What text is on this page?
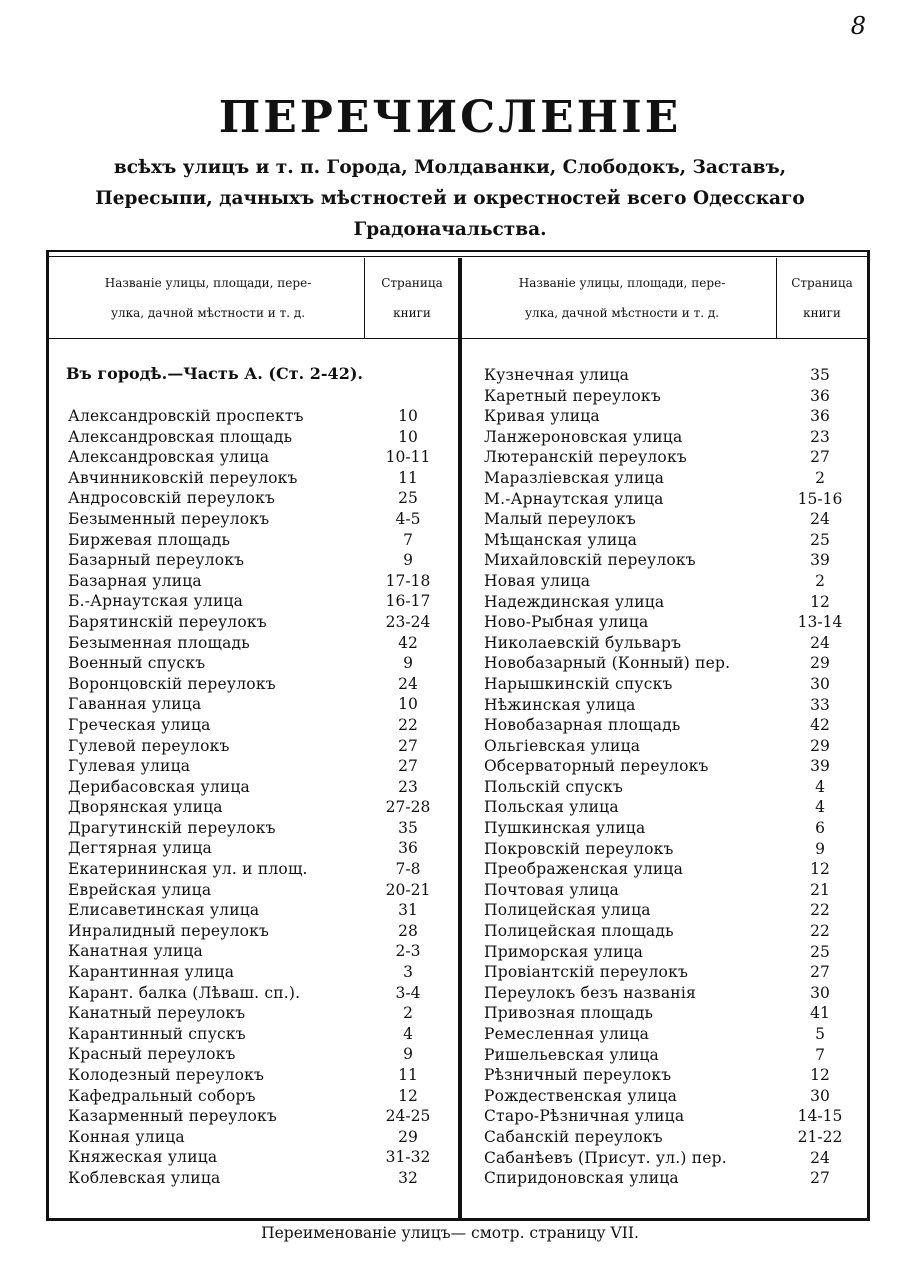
8
ПЕРЕЧИСЛЕНІЕ
всѣхъ улицъ и т. п. Города, Молдаванки, Слободокъ, Заставъ,
Пересыпи, дачныхъ мѣстностей и окрестностей всего Одесскаго
Градоначальства.
Названіе улицы, площади, пере-
улка, дачной мѣстности и т. д.
Страница
книги
Названіе улицы, площади, пере-
улка, дачной мѣстности и т. д.
Страница
книги
Въ городѣ.—Часть А. (Ст. 2-42).
Александровскій проспектъ	10
Александровская площадь	10
Александровская улица	10-11
Авчинниковскій переулокъ	11
Андросовскій переулокъ	25
Безыменный переулокъ	4-5
Биржевая площадь	7
Базарный переулокъ	9
Базарная улица	17-18
Б.-Арнаутская улица	16-17
Барятинскій переулокъ	23-24
Безыменная площадь	42
Военный спускъ	9
Воронцовскій переулокъ	24
Гаванная улица	10
Греческая улица	22
Гулевой переулокъ	27
Гулевая улица	27
Дерибасовская улица	23
Дворянская улица	27-28
Драгутинскій переулокъ	35
Дегтярная улица	36
Екатерининская ул. и площ.	7-8
Еврейская улица	20-21
Елисаветинская улица	31
Инралидный переулокъ	28
Канатная улица	2-3
Карантинная улица	3
Карант. балка (Лѣваш. сп.).	3-4
Канатный переулокъ	2
Карантинный спускъ	4
Красный переулокъ	9
Колодезный переулокъ	11
Кафедральный соборъ	12
Казарменный переулокъ	24-25
Конная улица	29
Княжеская улица	31-32
Коблевская улица	32
Кузнечная улица	35
Каретный переулокъ	36
Кривая улица	36
Ланжероновская улица	23
Лютеранскій переулокъ	27
Маразліевская улица	2
М.-Арнаутская улица	15-16
Малый переулокъ	24
Мѣщанская улица	25
Михайловскій переулокъ	39
Новая улица	2
Надеждинская улица	12
Ново-Рыбная улица	13-14
Николаевскій бульваръ	24
Новобазарный (Конный) пер.	29
Нарышкинскій спускъ	30
Нѣжинская улица	33
Новобазарная площадь	42
Ольгіевская улица	29
Обсерваторный переулокъ	39
Польскій спускъ	4
Польская улица	4
Пушкинская улица	6
Покровскій переулокъ	9
Преображенская улица	12
Почтовая улица	21
Полицейская улица	22
Полицейская площадь	22
Приморская улица	25
Провіантскій переулокъ	27
Переулокъ безъ названія	30
Привозная площадь	41
Ремесленная улица	5
Ришельевская улица	7
Рѣзничный переулокъ	12
Рождественская улица	30
Старо-Рѣзничная улица	14-15
Сабанскій переулокъ	21-22
Сабанѣевъ (Присут. ул.) пер.	24
Спиридоновская улица	27
Переименованіе улицъ— смотр. страницу VII.
